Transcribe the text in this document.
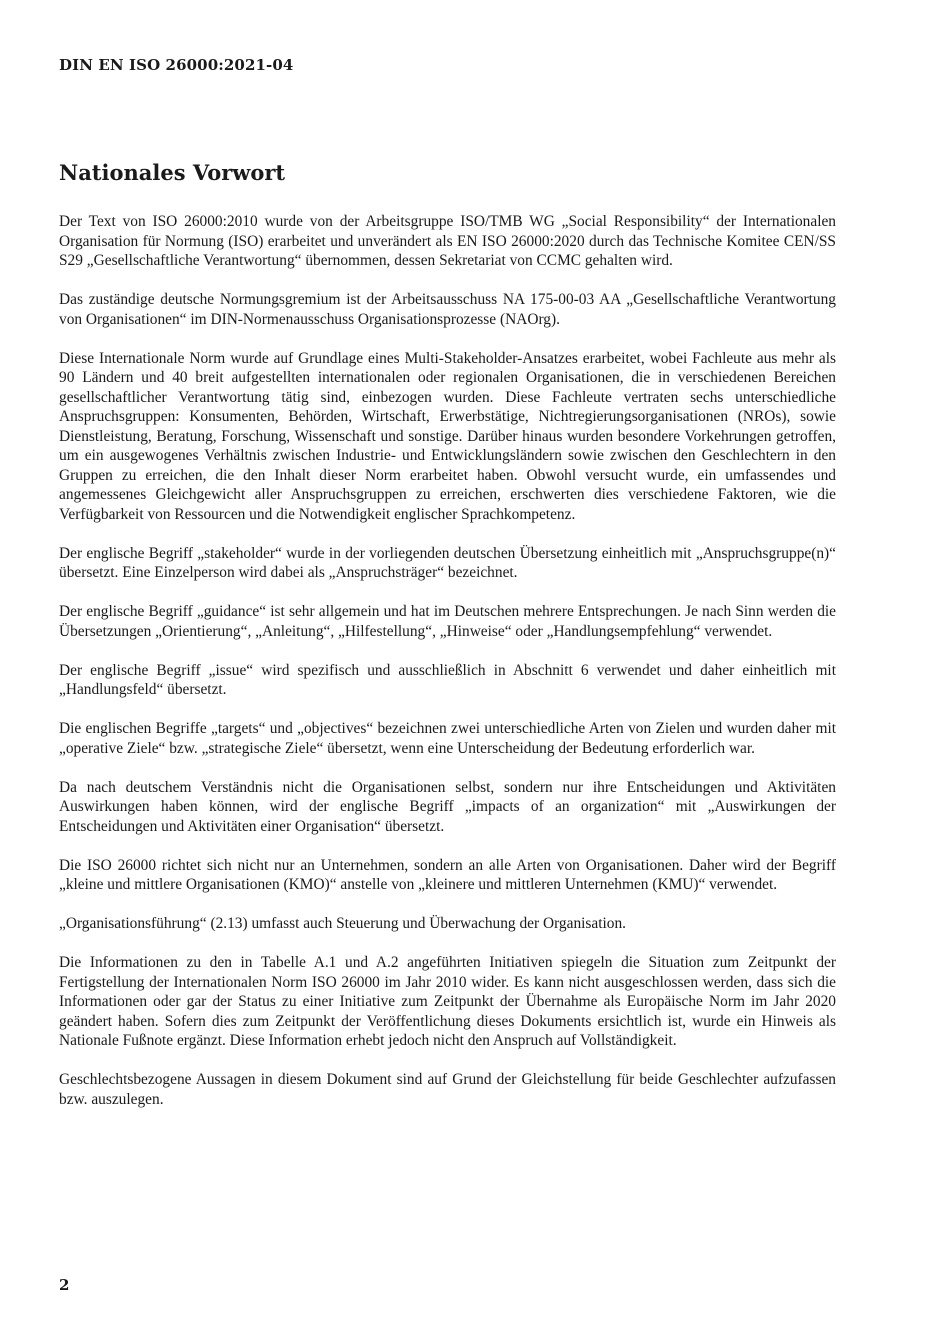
DIN EN ISO 26000:2021-04
Nationales Vorwort

Der Text von ISO 26000:2010 wurde von der Arbeitsgruppe ISO/TMB WG „Social Responsibility“ der Internationalen Organisation für Normung (ISO) erarbeitet und unverändert als EN ISO 26000:2020 durch das Technische Komitee CEN/SS S29 „Gesellschaftliche Verantwortung“ übernommen, dessen Sekretariat von CCMC gehalten wird.

Das zuständige deutsche Normungsgremium ist der Arbeitsausschuss NA 175-00-03 AA „Gesellschaftliche Verantwortung von Organisationen“ im DIN-Normenausschuss Organisationsprozesse (NAOrg).

Diese Internationale Norm wurde auf Grundlage eines Multi-Stakeholder-Ansatzes erarbeitet, wobei Fachleute aus mehr als 90 Ländern und 40 breit aufgestellten internationalen oder regionalen Organisationen, die in verschiedenen Bereichen gesellschaftlicher Verantwortung tätig sind, einbezogen wurden. Diese Fachleute vertraten sechs unterschiedliche Anspruchsgruppen: Konsumenten, Behörden, Wirtschaft, Erwerbstätige, Nichtregierungsorganisationen (NROs), sowie Dienstleistung, Beratung, Forschung, Wissenschaft und sonstige. Darüber hinaus wurden besondere Vorkehrungen getroffen, um ein ausgewogenes Verhältnis zwischen Industrie- und Entwicklungsländern sowie zwischen den Geschlechtern in den Gruppen zu erreichen, die den Inhalt dieser Norm erarbeitet haben. Obwohl versucht wurde, ein umfassendes und angemessenes Gleichgewicht aller Anspruchsgruppen zu erreichen, erschwerten dies verschiedene Faktoren, wie die Verfügbarkeit von Ressourcen und die Notwendigkeit englischer Sprachkompetenz.

Der englische Begriff „stakeholder“ wurde in der vorliegenden deutschen Übersetzung einheitlich mit „Anspruchsgruppe(n)“ übersetzt. Eine Einzelperson wird dabei als „Anspruchsträger“ bezeichnet.

Der englische Begriff „guidance“ ist sehr allgemein und hat im Deutschen mehrere Entsprechungen. Je nach Sinn werden die Übersetzungen „Orientierung“, „Anleitung“, „Hilfestellung“, „Hinweise“ oder „Handlungsempfehlung“ verwendet.

Der englische Begriff „issue“ wird spezifisch und ausschließlich in Abschnitt 6 verwendet und daher einheitlich mit „Handlungsfeld“ übersetzt.

Die englischen Begriffe „targets“ und „objectives“ bezeichnen zwei unterschiedliche Arten von Zielen und wurden daher mit „operative Ziele“ bzw. „strategische Ziele“ übersetzt, wenn eine Unterscheidung der Bedeutung erforderlich war.

Da nach deutschem Verständnis nicht die Organisationen selbst, sondern nur ihre Entscheidungen und Aktivitäten Auswirkungen haben können, wird der englische Begriff „impacts of an organization“ mit „Auswirkungen der Entscheidungen und Aktivitäten einer Organisation“ übersetzt.

Die ISO 26000 richtet sich nicht nur an Unternehmen, sondern an alle Arten von Organisationen. Daher wird der Begriff „kleine und mittlere Organisationen (KMO)“ anstelle von „kleinere und mittleren Unternehmen (KMU)“ verwendet.

„Organisationsführung“ (2.13) umfasst auch Steuerung und Überwachung der Organisation.

Die Informationen zu den in Tabelle A.1 und A.2 angeführten Initiativen spiegeln die Situation zum Zeitpunkt der Fertigstellung der Internationalen Norm ISO 26000 im Jahr 2010 wider. Es kann nicht ausgeschlossen werden, dass sich die Informationen oder gar der Status zu einer Initiative zum Zeitpunkt der Übernahme als Europäische Norm im Jahr 2020 geändert haben. Sofern dies zum Zeitpunkt der Veröffentlichung dieses Dokuments ersichtlich ist, wurde ein Hinweis als Nationale Fußnote ergänzt. Diese Information erhebt jedoch nicht den Anspruch auf Vollständigkeit.

Geschlechtsbezogene Aussagen in diesem Dokument sind auf Grund der Gleichstellung für beide Geschlechter aufzufassen bzw. auszulegen.

2
